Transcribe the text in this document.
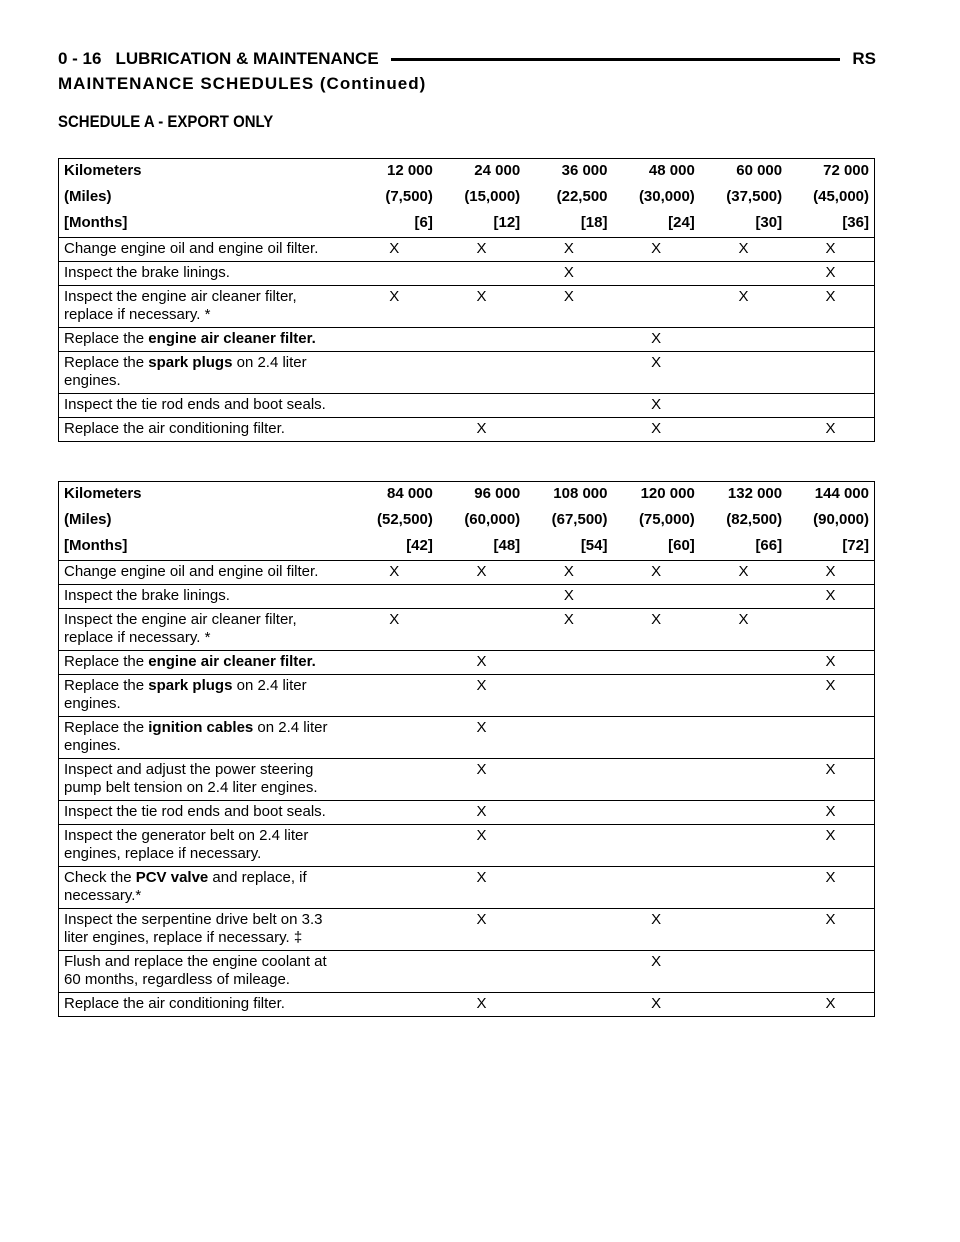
0 - 16 LUBRICATION & MAINTENANCE	RS
MAINTENANCE SCHEDULES (Continued)
SCHEDULE A - EXPORT ONLY
Kilometers	12 000	24 000	36 000	48 000	60 000	72 000
(Miles)	(7,500)	(15,000)	(22,500	(30,000)	(37,500)	(45,000)
[Months]	[6]	[12]	[18]	[24]	[30]	[36]
Change engine oil and engine oil filter.	X	X	X	X	X	X
Inspect the brake linings.			X			X
Inspect the engine air cleaner filter, replace if necessary. *	X	X	X		X	X
Replace the engine air cleaner filter.				X		
Replace the spark plugs on 2.4 liter engines.				X		
Inspect the tie rod ends and boot seals.				X		
Replace the air conditioning filter.		X		X		X
Kilometers	84 000	96 000	108 000	120 000	132 000	144 000
(Miles)	(52,500)	(60,000)	(67,500)	(75,000)	(82,500)	(90,000)
[Months]	[42]	[48]	[54]	[60]	[66]	[72]
Change engine oil and engine oil filter.	X	X	X	X	X	X
Inspect the brake linings.			X			X
Inspect the engine air cleaner filter, replace if necessary. *	X		X	X	X	
Replace the engine air cleaner filter.		X				X
Replace the spark plugs on 2.4 liter engines.		X				X
Replace the ignition cables on 2.4 liter engines.		X				
Inspect and adjust the power steering pump belt tension on 2.4 liter engines.		X				X
Inspect the tie rod ends and boot seals.		X				X
Inspect the generator belt on 2.4 liter engines, replace if necessary.		X				X
Check the PCV valve and replace, if necessary.*		X				X
Inspect the serpentine drive belt on 3.3 liter engines, replace if necessary. ‡		X		X		X
Flush and replace the engine coolant at 60 months, regardless of mileage.				X		
Replace the air conditioning filter.		X		X		X
